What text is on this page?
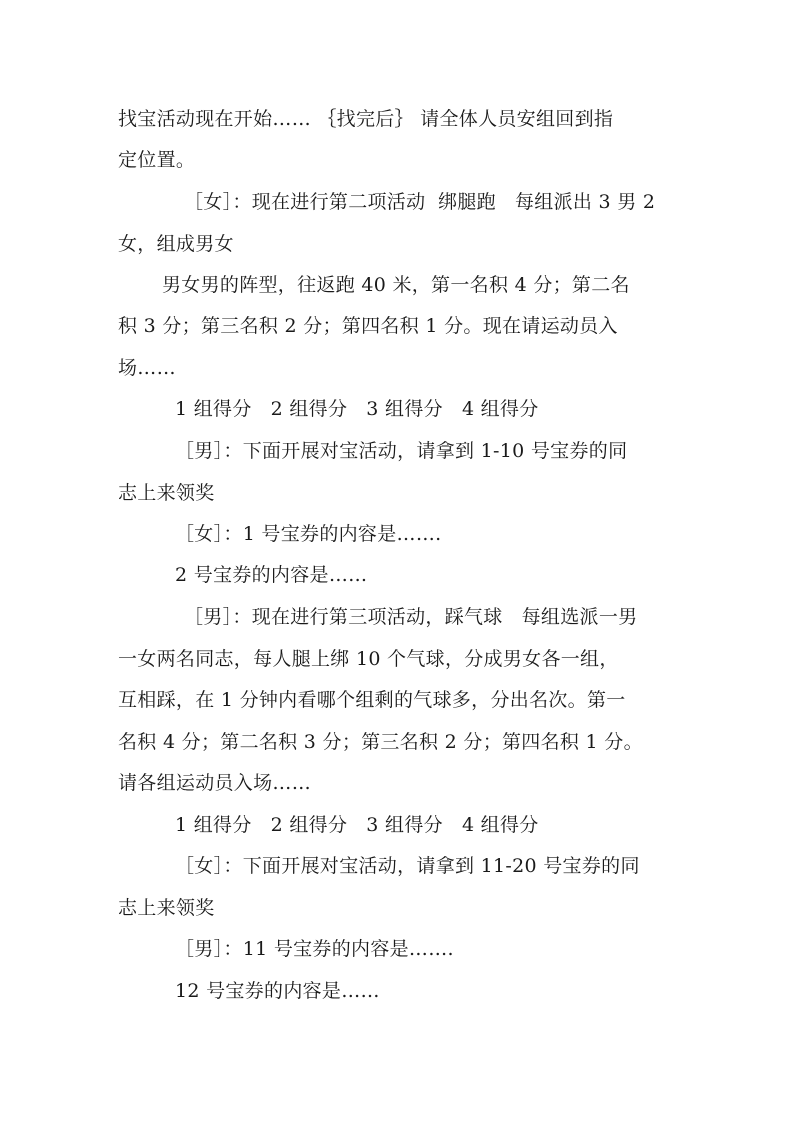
找宝活动现在开始…… ｛找完后｝ 请全体人员安组回到指
定位置。
［女］：现在进行第二项活动  绑腿跑   每组派出 3 男 2
女，组成男女
男女男的阵型，往返跑 40 米，第一名积 4 分；第二名
积 3 分；第三名积 2 分；第四名积 1 分。现在请运动员入
场……
1 组得分   2 组得分   3 组得分   4 组得分
［男］：下面开展对宝活动，请拿到 1-10 号宝券的同
志上来领奖
［女］：1 号宝券的内容是…….
2 号宝券的内容是……
［男］：现在进行第三项活动，踩气球   每组选派一男
一女两名同志，每人腿上绑 10 个气球，分成男女各一组，
互相踩，在 1 分钟内看哪个组剩的气球多，分出名次。第一
名积 4 分；第二名积 3 分；第三名积 2 分；第四名积 1 分。
请各组运动员入场……
1 组得分   2 组得分   3 组得分   4 组得分
［女］：下面开展对宝活动，请拿到 11-20 号宝券的同
志上来领奖
［男］：11 号宝券的内容是…….
12 号宝券的内容是……
